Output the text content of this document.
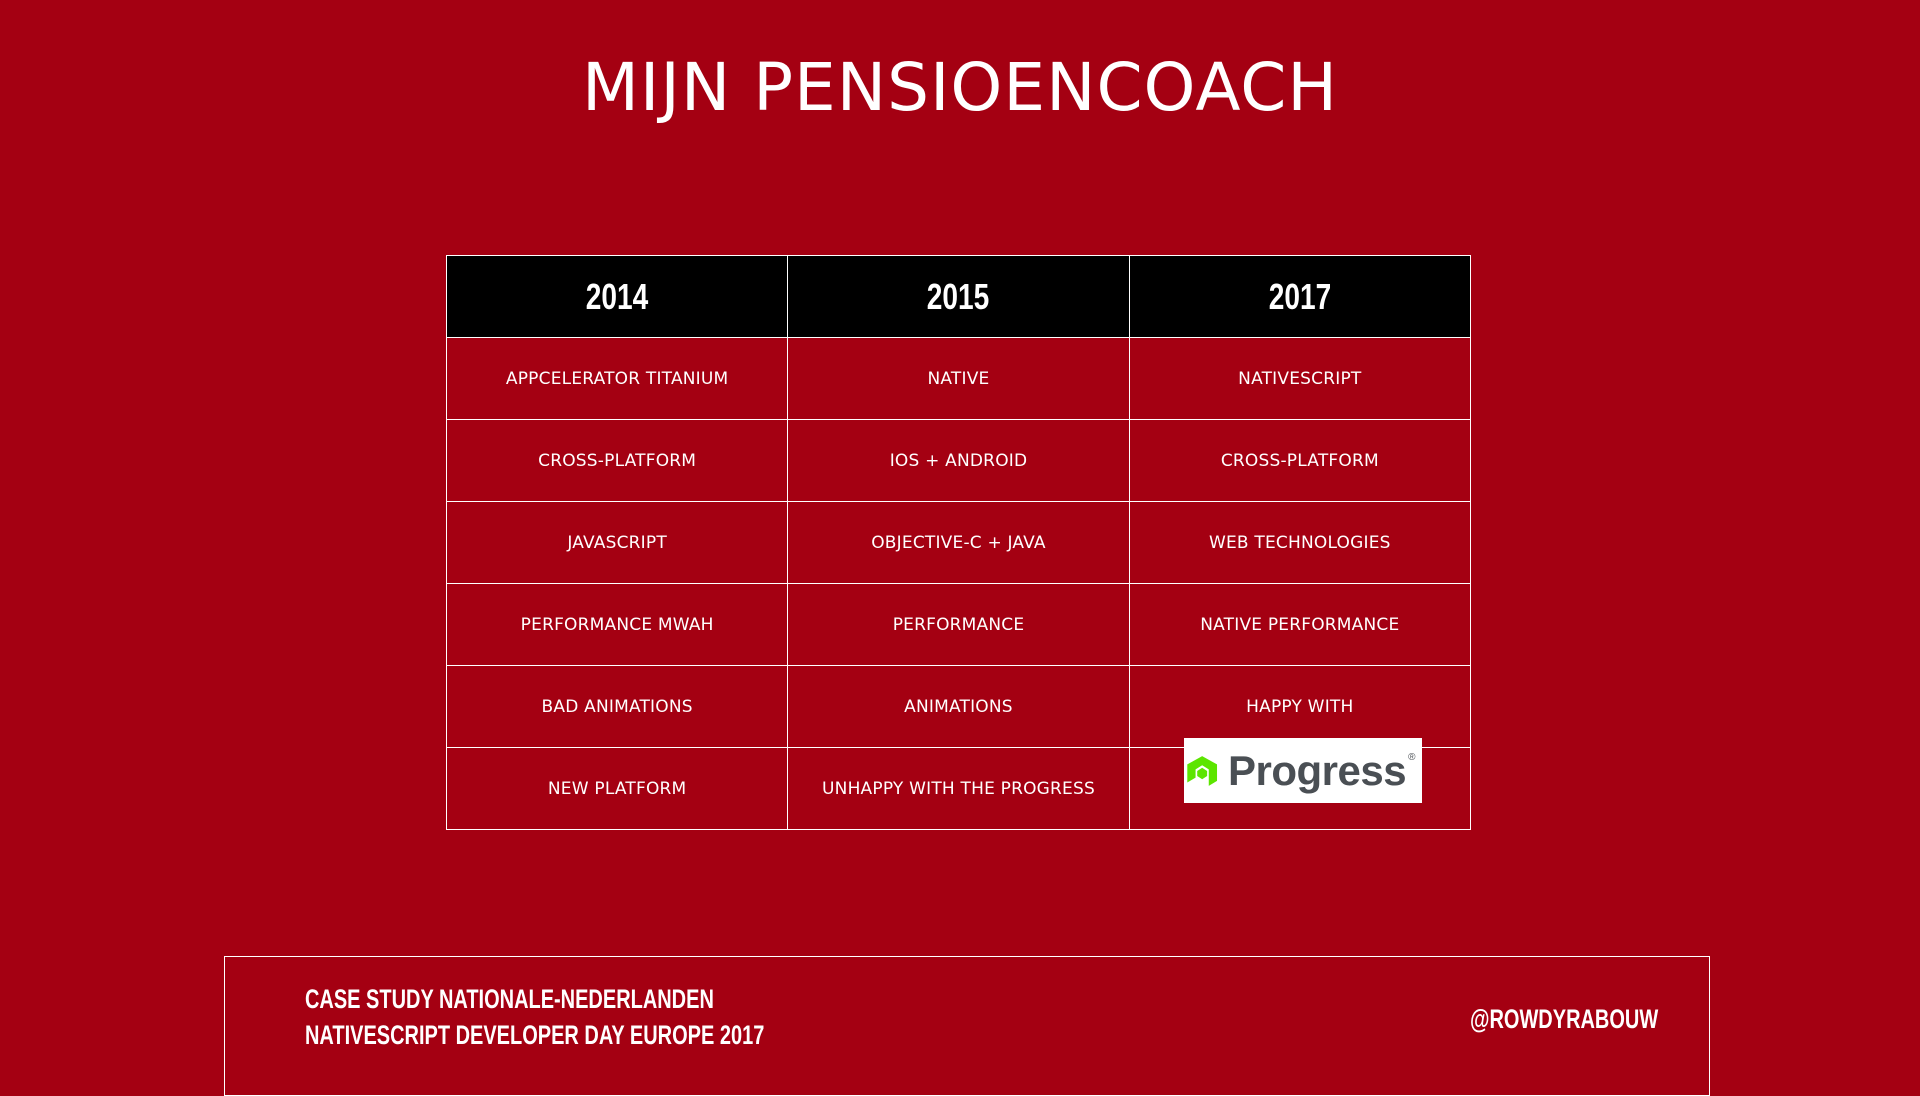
MIJN PENSIOENCOACH
2014	2015	2017
APPCELERATOR TITANIUM	NATIVE	NATIVESCRIPT
CROSS-PLATFORM	IOS + ANDROID	CROSS-PLATFORM
JAVASCRIPT	OBJECTIVE-C + JAVA	WEB TECHNOLOGIES
PERFORMANCE MWAH	PERFORMANCE	NATIVE PERFORMANCE
BAD ANIMATIONS	ANIMATIONS	HAPPY WITH
NEW PLATFORM	UNHAPPY WITH THE PROGRESS	Progress ®
CASE STUDY NATIONALE-NEDERLANDEN
NATIVESCRIPT DEVELOPER DAY EUROPE 2017
@ROWDYRABOUW
